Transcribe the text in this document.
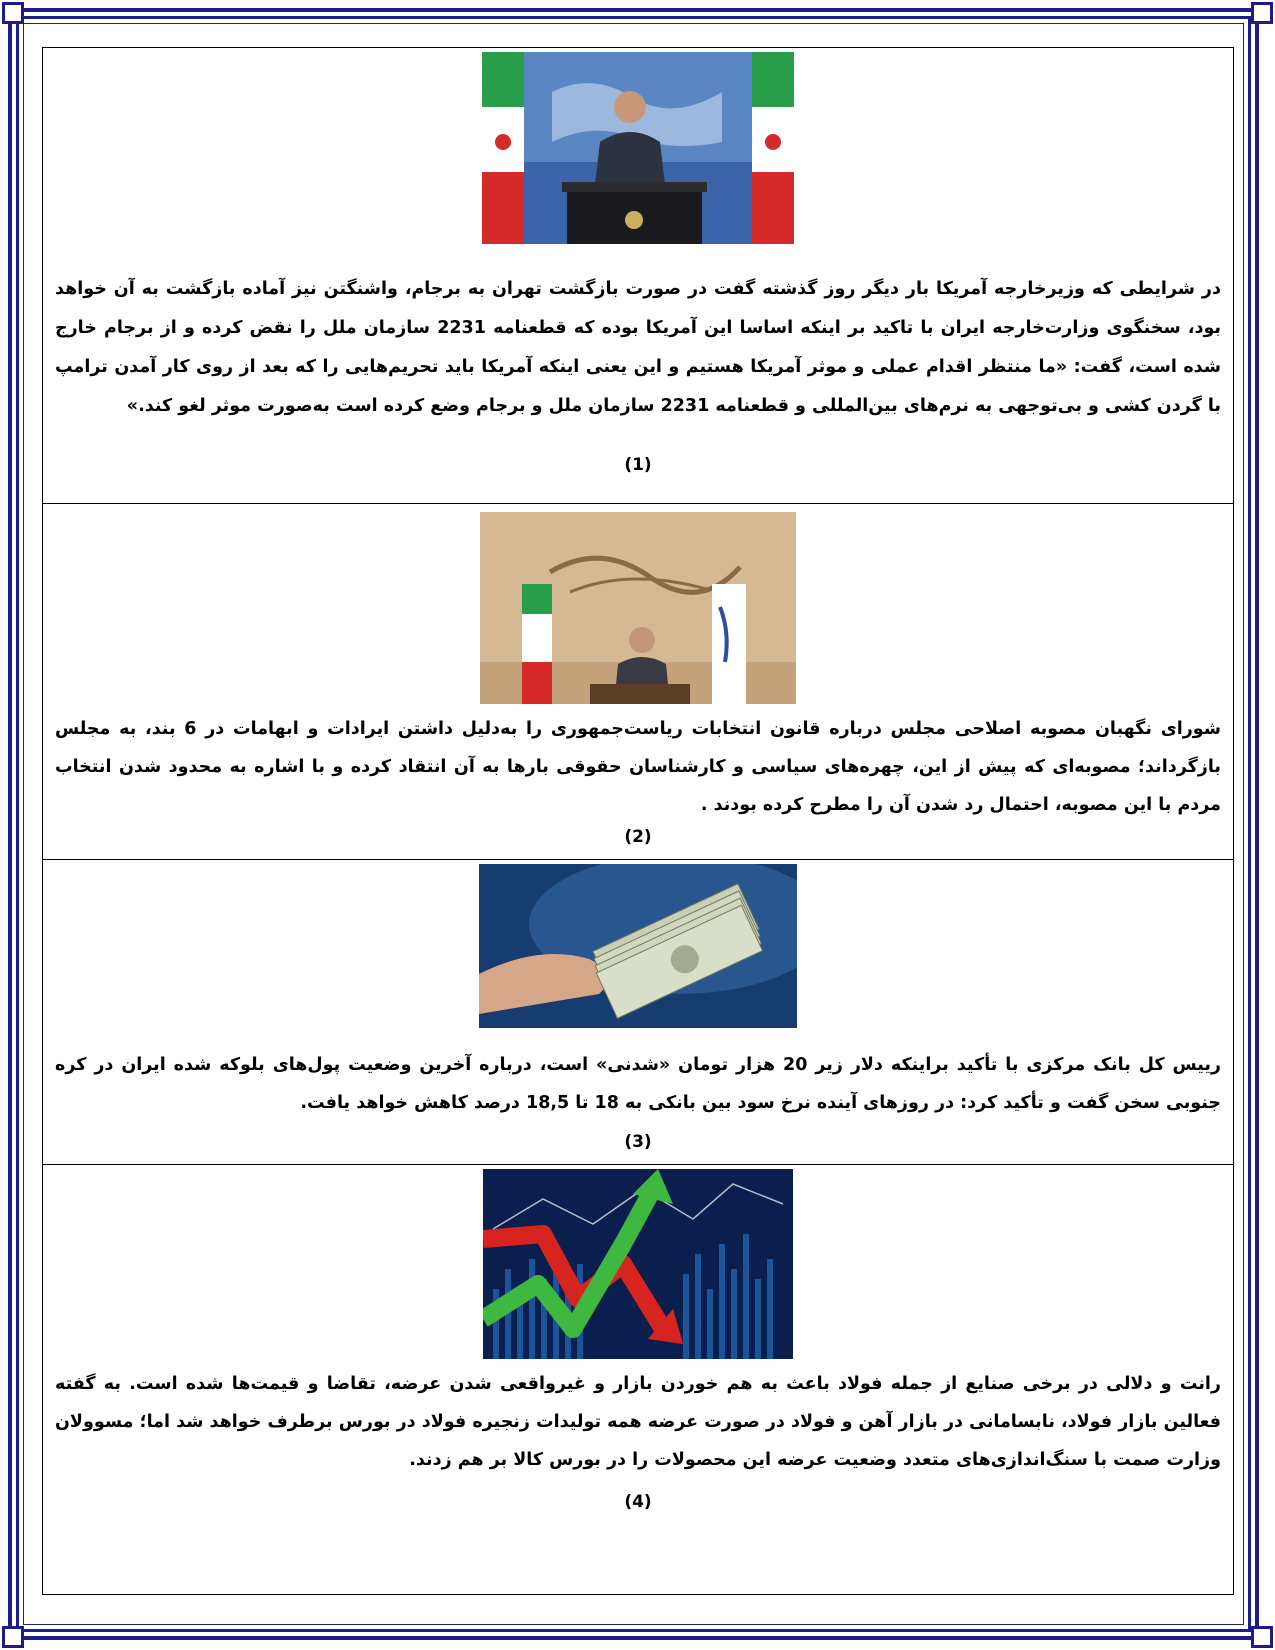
در شرایطی که وزیرخارجه آمریکا بار دیگر روز گذشته گفت در صورت بازگشت تهران به برجام، واشنگتن نیز آماده بازگشت به آن خواهد بود، سخنگوی وزارت‌خارجه ایران با تاکید بر اینکه اساسا این آمریکا بوده که قطعنامه 2231 سازمان ملل را نقض کرده و از برجام خارج شده است، گفت: «ما منتظر اقدام عملی و موثر آمریکا هستیم و این یعنی اینکه آمریکا باید تحریم‌هایی را که بعد از روی کار آمدن ترامپ با گردن کشی و بی‌توجهی به نرم‌های بین‌المللی و قطعنامه 2231 سازمان ملل و برجام وضع کرده است به‌صورت موثر لغو کند.»
(1)
شورای نگهبان مصوبه اصلاحی مجلس درباره قانون انتخابات ریاست‌جمهوری را به‌دلیل داشتن ایرادات و ابهامات در 6 بند، به مجلس بازگرداند؛ مصوبه‌ای که پیش از این، چهره‌های سیاسی و کارشناسان حقوقی بارها به آن انتقاد کرده و با اشاره به محدود شدن انتخاب مردم با این مصوبه، احتمال رد شدن آن را مطرح کرده بودند .
(2)
رییس کل بانک مرکزی با تأکید براینکه دلار زیر 20 هزار تومان «شدنی» است، درباره آخرین وضعیت پول‌های بلوکه شده ایران در کره جنوبی سخن گفت و تأکید کرد: در روزهای آینده نرخ سود بین بانکی به 18 تا 18,5 درصد کاهش خواهد یافت.
(3)
رانت و دلالی در برخی صنایع از جمله فولاد باعث به هم خوردن بازار و غیرواقعی شدن عرضه، تقاضا و قیمت‌ها شده است. به گفته فعالین بازار فولاد، نابسامانی در بازار آهن و فولاد در صورت عرضه همه تولیدات زنجیره فولاد در بورس برطرف خواهد شد اما؛ مسوولان وزارت صمت با سنگ‌اندازی‌های متعدد وضعیت عرضه این محصولات را در بورس کالا بر هم زدند.
(4)
